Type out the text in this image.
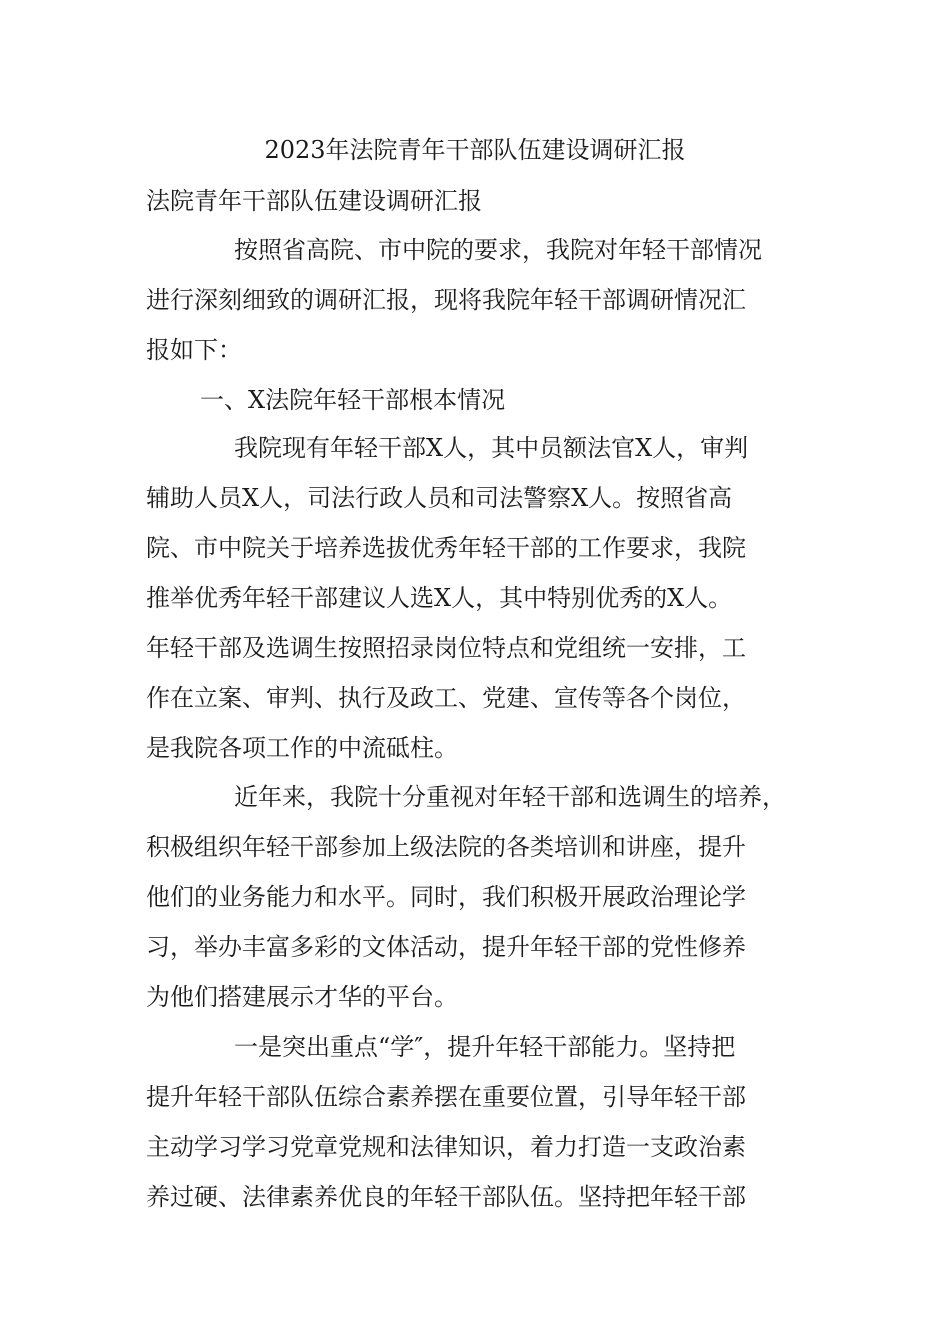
2023年法院青年干部队伍建设调研汇报
法院青年干部队伍建设调研汇报
按照省高院、市中院的要求，我院对年轻干部情况
进行深刻细致的调研汇报，现将我院年轻干部调研情况汇
报如下：
一、X法院年轻干部根本情况
我院现有年轻干部X人，其中员额法官X人，审判
辅助人员X人，司法行政人员和司法警察X人。按照省高
院、市中院关于培养选拔优秀年轻干部的工作要求，我院
推举优秀年轻干部建议人选X人，其中特别优秀的X人。
年轻干部及选调生按照招录岗位特点和党组统一安排，工
作在立案、审判、执行及政工、党建、宣传等各个岗位，
是我院各项工作的中流砥柱。
近年来，我院十分重视对年轻干部和选调生的培养，
积极组织年轻干部参加上级法院的各类培训和讲座，提升
他们的业务能力和水平。同时，我们积极开展政治理论学
习，举办丰富多彩的文体活动，提升年轻干部的党性修养
为他们搭建展示才华的平台。
一是突出重点“学″，提升年轻干部能力。坚持把
提升年轻干部队伍综合素养摆在重要位置，引导年轻干部
主动学习学习党章党规和法律知识，着力打造一支政治素
养过硬、法律素养优良的年轻干部队伍。坚持把年轻干部
